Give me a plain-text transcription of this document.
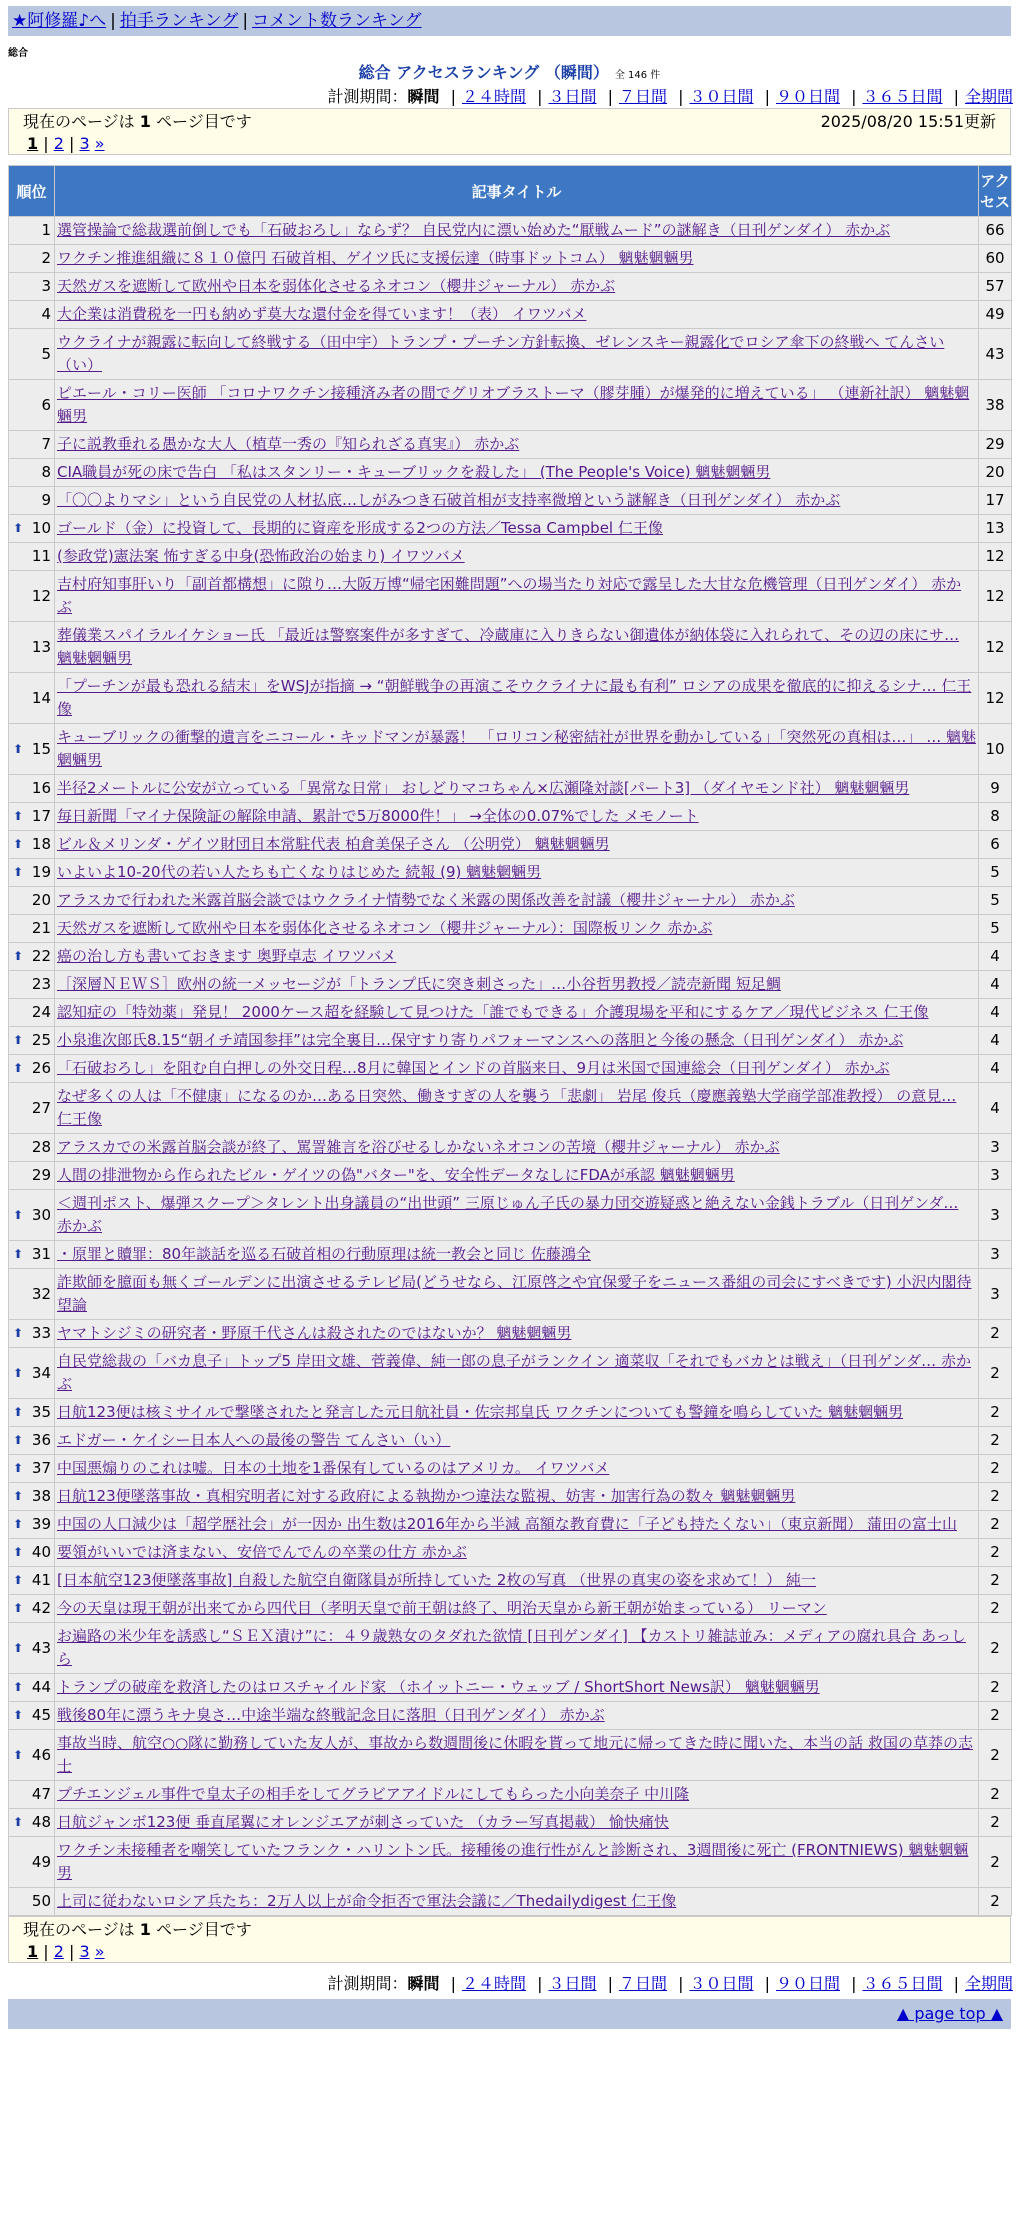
★阿修羅♪へ | 拍手ランキング | コメント数ランキング
総合
総合 アクセスランキング （瞬間） 全 146 件
計測期間：瞬間 | ２４時間 | ３日間 | ７日間 | ３０日間 | ９０日間 | ３６５日間 | 全期間
現在のページは 1 ページ目です	2025/08/20 15:51更新
1 | 2 | 3 »
順位	記事タイトル	アクセス
1	選管操論で総裁選前倒しでも「石破おろし」ならず？ 自民党内に漂い始めた“厭戦ムード”の謎解き（日刊ゲンダイ） 赤かぶ	66
2	ワクチン推進組織に８１０億円 石破首相、ゲイツ氏に支援伝達（時事ドットコム） 魑魅魍魎男	60
3	天然ガスを遮断して欧州や日本を弱体化させるネオコン（櫻井ジャーナル） 赤かぶ	57
4	大企業は消費税を一円も納めず莫大な還付金を得ています！（表） イワツバメ	49
5	ウクライナが親露に転向して終戦する（田中宇）トランプ・プーチン方針転換、ゼレンスキー親露化でロシア傘下の終戦へ てんさい（い）	43
6	ピエール・コリー医師 「コロナワクチン接種済み者の間でグリオブラストーマ（膠芽腫）が爆発的に増えている」 （連新社訳） 魑魅魍魎男	38
7	子に説教垂れる愚かな大人（植草一秀の『知られざる真実』） 赤かぶ	29
8	CIA職員が死の床で告白 「私はスタンリー・キューブリックを殺した」 (The People's Voice) 魑魅魍魎男	20
9	「〇〇よりマシ」という自民党の人材払底…しがみつき石破首相が支持率微増という謎解き（日刊ゲンダイ） 赤かぶ	17

⬆ 10	ゴールド（金）に投資して、長期的に資産を形成する2つの方法／Tessa Campbel 仁王像	13
11	(参政党)憲法案 怖すぎる中身(恐怖政治の始まり) イワツバメ	12
12	吉村府知事肝いり「副首都構想」に隙り…大阪万博“帰宅困難問題”への場当たり対応で露呈した大甘な危機管理（日刊ゲンダイ） 赤かぶ	12
13	葬儀業スパイラルイケショー氏 「最近は警察案件が多すぎて、冷蔵庫に入りきらない御遺体が納体袋に入れられて、その辺の床にサ… 魑魅魍魎男	12
14	「プーチンが最も恐れる結末」をWSJが指摘 → “朝鮮戦争の再演こそウクライナに最も有利” ロシアの成果を徹底的に抑えるシナ… 仁王像	12

⬆ 15	キューブリックの衝撃的遺言をニコール・キッドマンが暴露！ 「ロリコン秘密結社が世界を動かしている」「突然死の真相は…」 … 魑魅魍魎男	10
16	半径2メートルに公安が立っている「異常な日常」 おしどりマコちゃん×広瀬隆対談[パート3] （ダイヤモンド社） 魑魅魍魎男	9

⬆ 17	毎日新聞「マイナ保険証の解除申請、累計で5万8000件！」 →全体の0.07%でした メモノート	8

⬆ 18	ビル＆メリンダ・ゲイツ財団日本常駐代表 柏倉美保子さん （公明党） 魑魅魍魎男	6

⬆ 19	いよいよ10-20代の若い人たちも亡くなりはじめた 続報 (9) 魑魅魍魎男	5
20	アラスカで行われた米露首脳会談ではウクライナ情勢でなく米露の関係改善を討議（櫻井ジャーナル） 赤かぶ	5
21	天然ガスを遮断して欧州や日本を弱体化させるネオコン（櫻井ジャーナル）：国際板リンク 赤かぶ	5

⬆ 22	癌の治し方も書いておきます 奥野卓志 イワツバメ	4
23	［深層ＮＥＷＳ］欧州の統一メッセージが「トランプ氏に突き刺さった」…小谷哲男教授／読売新聞 短足鯛	4
24	認知症の「特効薬」発見！ 2000ケース超を経験して見つけた「誰でもできる」介護現場を平和にするケア／現代ビジネス 仁王像	4

⬆ 25	小泉進次郎氏8.15“朝イチ靖国参拝”は完全裏目…保守すり寄りパフォーマンスへの落胆と今後の懸念（日刊ゲンダイ） 赤かぶ	4

⬆ 26	「石破おろし」を阻む自白押しの外交日程…8月に韓国とインドの首脳来日、9月は米国で国連総会（日刊ゲンダイ） 赤かぶ	4
27	なぜ多くの人は「不健康」になるのか…ある日突然、働きすぎの人を襲う「悲劇」 岩尾 俊兵（慶應義塾大学商学部准教授） の意見… 仁王像	4
28	アラスカでの米露首脳会談が終了、罵詈雑言を浴びせるしかないネオコンの苦境（櫻井ジャーナル） 赤かぶ	3
29	人間の排泄物から作られたビル・ゲイツの偽"バター"を、安全性データなしにFDAが承認 魑魅魍魎男	3

⬆ 30	＜週刊ポスト、爆弾スクープ＞タレント出身議員の“出世頭” 三原じゅん子氏の暴力団交遊疑惑と絶えない金銭トラブル（日刊ゲンダ… 赤かぶ	3

⬆ 31	・原罪と贖罪：80年談話を巡る石破首相の行動原理は統一教会と同じ 佐藤鴻全	3
32	詐欺師を臆面も無くゴールデンに出演させるテレビ局(どうせなら、江原啓之や宜保愛子をニュース番組の司会にすべきです) 小沢内閣待望論	3

⬆ 33	ヤマトシジミの研究者・野原千代さんは殺されたのではないか？ 魑魅魍魎男	2

⬆ 34	自民党総裁の「バカ息子」トップ5 岸田文雄、菅義偉、純一郎の息子がランクイン 適菜収「それでもバカとは戦え」（日刊ゲンダ… 赤かぶ	2

⬆ 35	日航123便は核ミサイルで撃墜されたと発言した元日航社員・佐宗邦皇氏 ワクチンについても警鐘を鳴らしていた 魑魅魍魎男	2

⬆ 36	エドガー・ケイシー日本人への最後の警告 てんさい（い）	2

⬆ 37	中国悪煽りのこれは嘘。日本の土地を1番保有しているのはアメリカ。 イワツバメ	2

⬆ 38	日航123便墜落事故・真相究明者に対する政府による執拗かつ違法な監視、妨害・加害行為の数々 魑魅魍魎男	2

⬆ 39	中国の人口減少は「超学歴社会」が一因か 出生数は2016年から半減 高額な教育費に「子ども持たくない」（東京新聞） 蒲田の富士山	2

⬆ 40	要領がいいでは済まない、安倍でんでんの卒業の仕方 赤かぶ	2

⬆ 41	[日本航空123便墜落事故] 自殺した航空自衛隊員が所持していた 2枚の写真 （世界の真実の姿を求めて！） 純一	2

⬆ 42	今の天皇は現王朝が出来てから四代目（孝明天皇で前王朝は終了、明治天皇から新王朝が始まっている） リーマン	2

⬆ 43	お遍路の米少年を誘惑し“ＳＥＸ漬け”に：４９歳熟女のタダれた欲情 [日刊ゲンダイ] 【カストリ雑誌並み：メディアの腐れ具合 あっしら	2

⬆ 44	トランプの破産を救済したのはロスチャイルド家 （ホイットニー・ウェッブ / ShortShort News訳） 魑魅魍魎男	2

⬆ 45	戦後80年に漂うキナ臭さ…中途半端な終戦記念日に落胆（日刊ゲンダイ） 赤かぶ	2

⬆ 46	事故当時、航空○○隊に勤務していた友人が、事故から数週間後に休暇を貰って地元に帰ってきた時に聞いた、本当の話 救国の草莽の志士	2
47	プチエンジェル事件で皇太子の相手をしてグラビアアイドルにしてもらった小向美奈子 中川隆	2

⬆ 48	日航ジャンボ123便 垂直尾翼にオレンジエアが刺さっていた （カラー写真掲載） 愉快痛快	2
49	ワクチン未接種者を嘲笑していたフランク・ハリントン氏。接種後の進行性がんと診断され、3週間後に死亡 (FRONTNIEWS) 魑魅魍魎男	2
50	上司に従わないロシア兵たち：2万人以上が命令拒否で軍法会議に／Thedailydigest 仁王像	2
現在のページは 1 ページ目です
1 | 2 | 3 »
計測期間：瞬間 | ２４時間 | ３日間 | ７日間 | ３０日間 | ９０日間 | ３６５日間 | 全期間
▲ page top ▲
